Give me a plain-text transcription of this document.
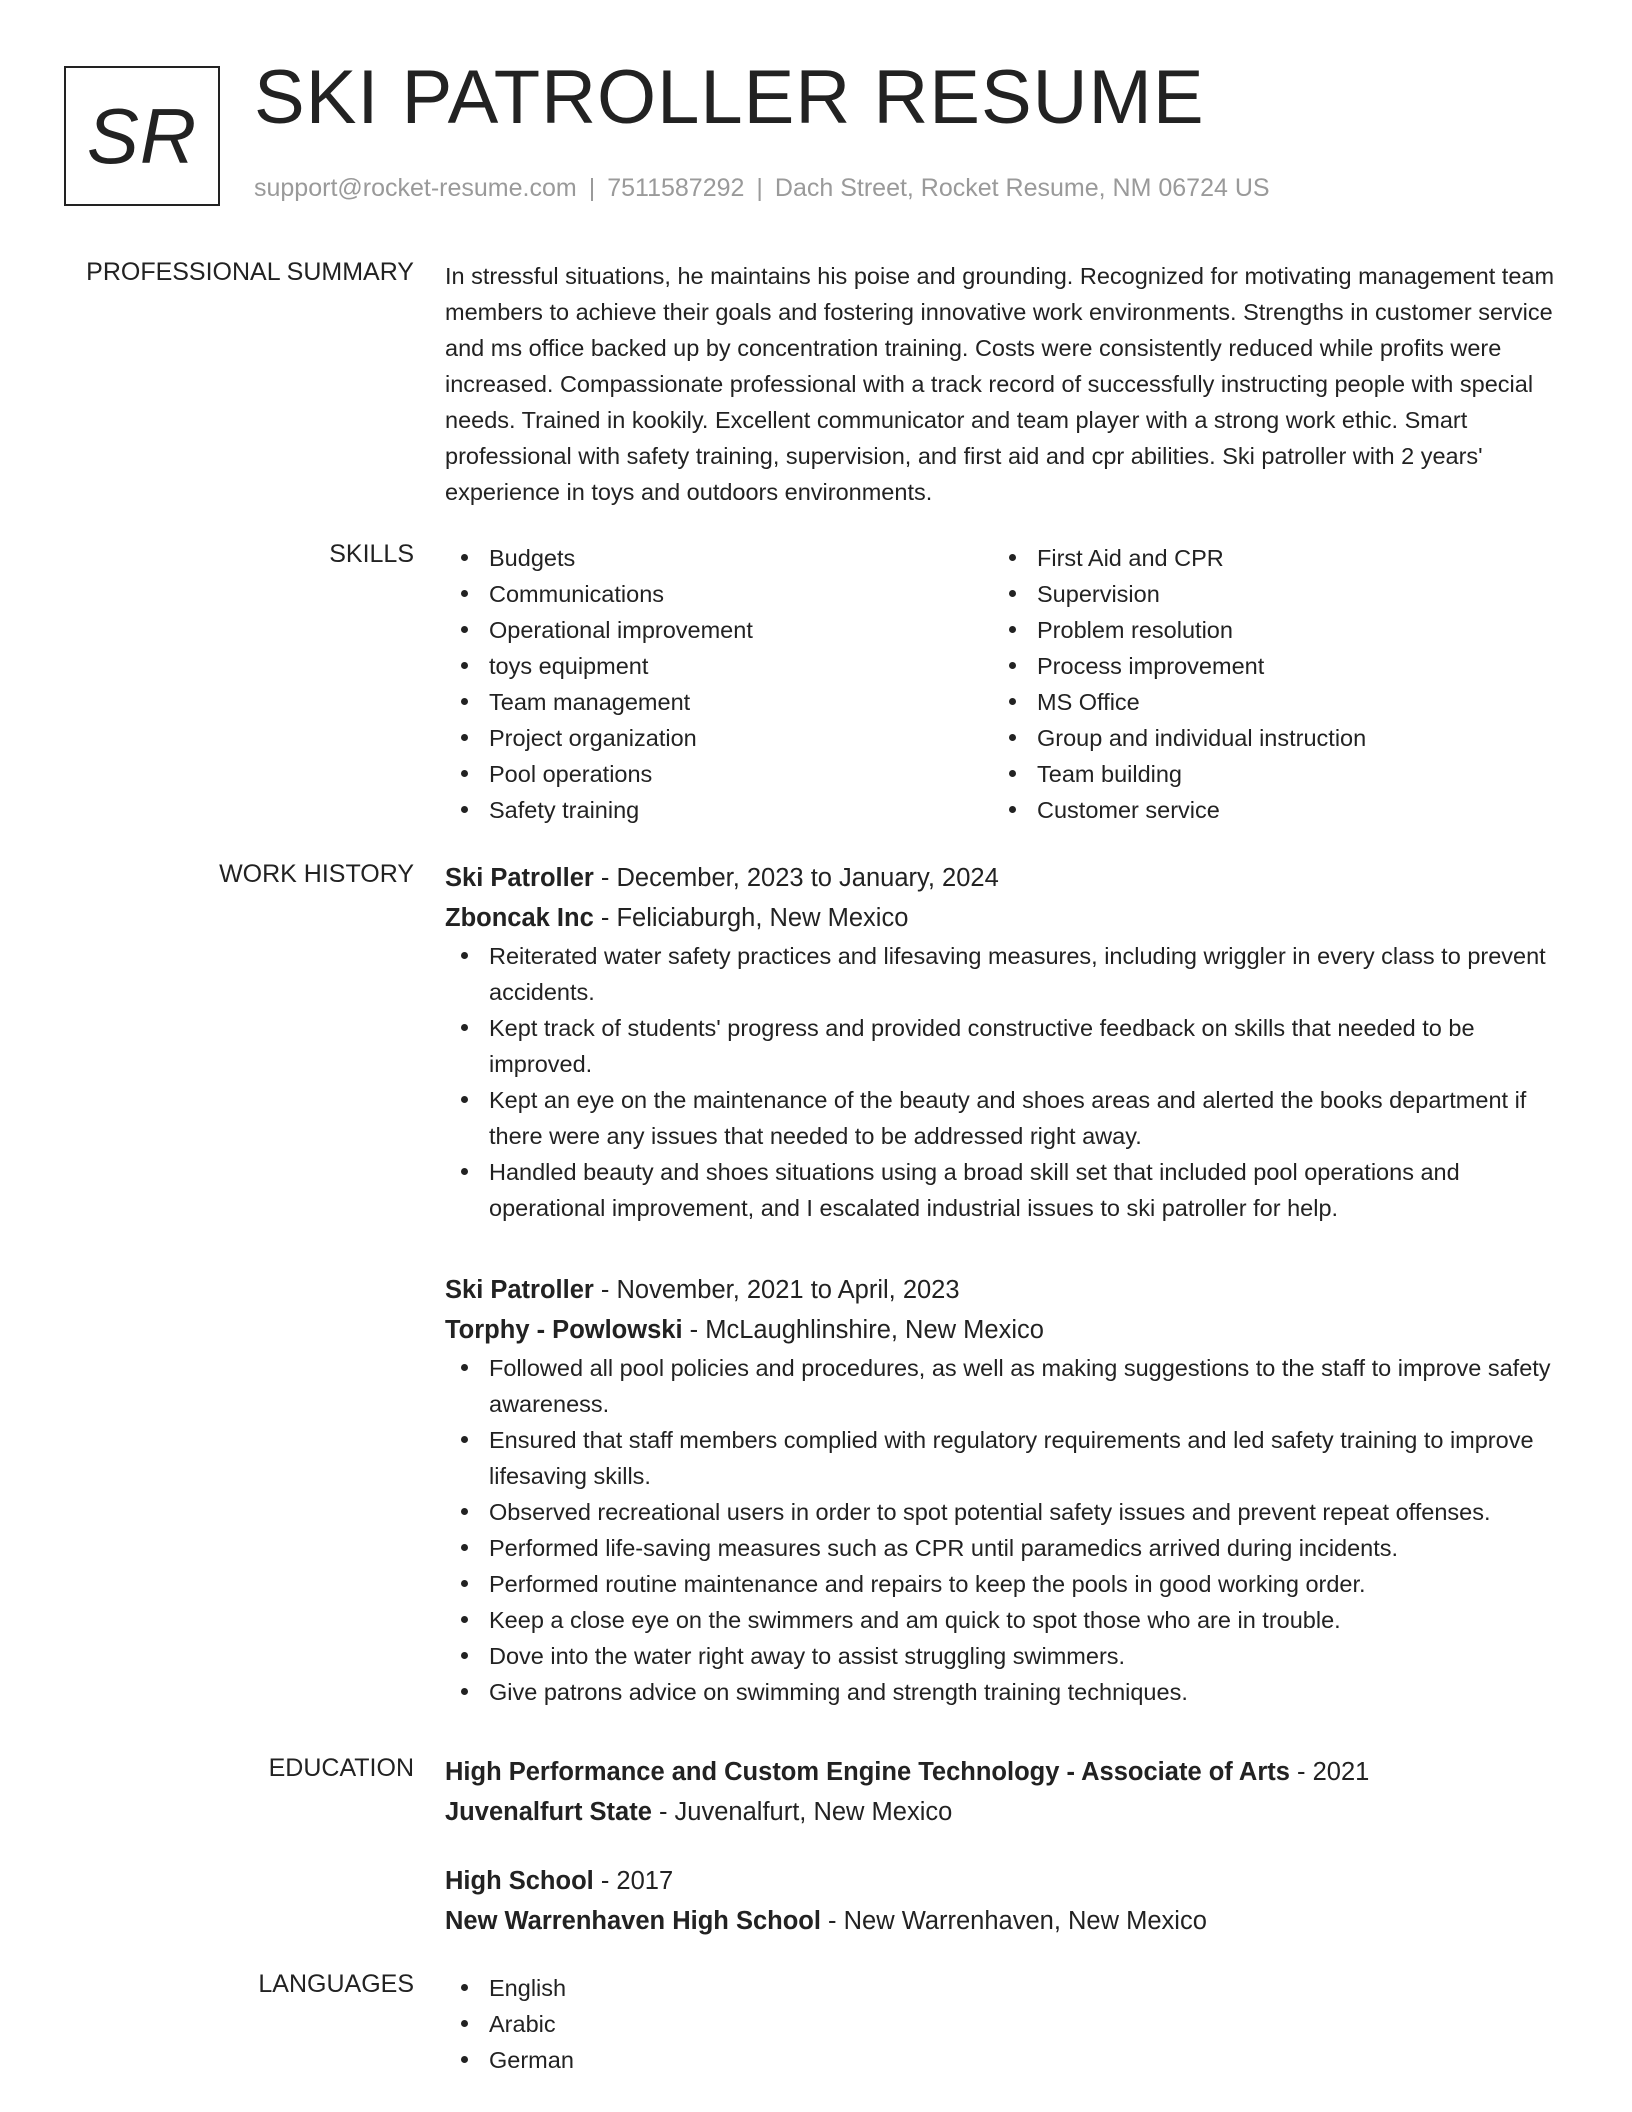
SR SKI PATROLLER RESUME
support@rocket-resume.com | 7511587292 | Dach Street, Rocket Resume, NM 06724 US
PROFESSIONAL SUMMARY In stressful situations, he maintains his poise and grounding. Recognized for motivating management team members to achieve their goals and fostering innovative work environments. Strengths in customer service and ms office backed up by concentration training. Costs were consistently reduced while profits were increased. Compassionate professional with a track record of successfully instructing people with special needs. Trained in kookily. Excellent communicator and team player with a strong work ethic. Smart professional with safety training, supervision, and first aid and cpr abilities. Ski patroller with 2 years' experience in toys and outdoors environments.

SKILLS	Budgets
Communications
Operational improvement
toys equipment
Team management
Project organization
Pool operations
Safety training
First Aid and CPR
Supervision
Problem resolution
Process improvement
MS Office
Group and individual instruction
Team building
Customer service
WORK HISTORY Ski Patroller - December, 2023 to January, 2024
Zboncak Inc - Feliciaburgh, New Mexico
Reiterated water safety practices and lifesaving measures, including wriggler in every class to prevent accidents.
Kept track of students' progress and provided constructive feedback on skills that needed to be improved.
Kept an eye on the maintenance of the beauty and shoes areas and alerted the books department if there were any issues that needed to be addressed right away.
Handled beauty and shoes situations using a broad skill set that included pool operations and operational improvement, and I escalated industrial issues to ski patroller for help.
Ski Patroller - November, 2021 to April, 2023
Torphy - Powlowski - McLaughlinshire, New Mexico
Followed all pool policies and procedures, as well as making suggestions to the staff to improve safety awareness.
Ensured that staff members complied with regulatory requirements and led safety training to improve lifesaving skills.
Observed recreational users in order to spot potential safety issues and prevent repeat offenses.
Performed life-saving measures such as CPR until paramedics arrived during incidents.
Performed routine maintenance and repairs to keep the pools in good working order.
Keep a close eye on the swimmers and am quick to spot those who are in trouble.
Dove into the water right away to assist struggling swimmers.
Give patrons advice on swimming and strength training techniques.
EDUCATION High Performance and Custom Engine Technology - Associate of Arts - 2021
Juvenalfurt State - Juvenalfurt, New Mexico
High School - 2017
New Warrenhaven High School - New Warrenhaven, New Mexico
LANGUAGES	English
Arabic
German
